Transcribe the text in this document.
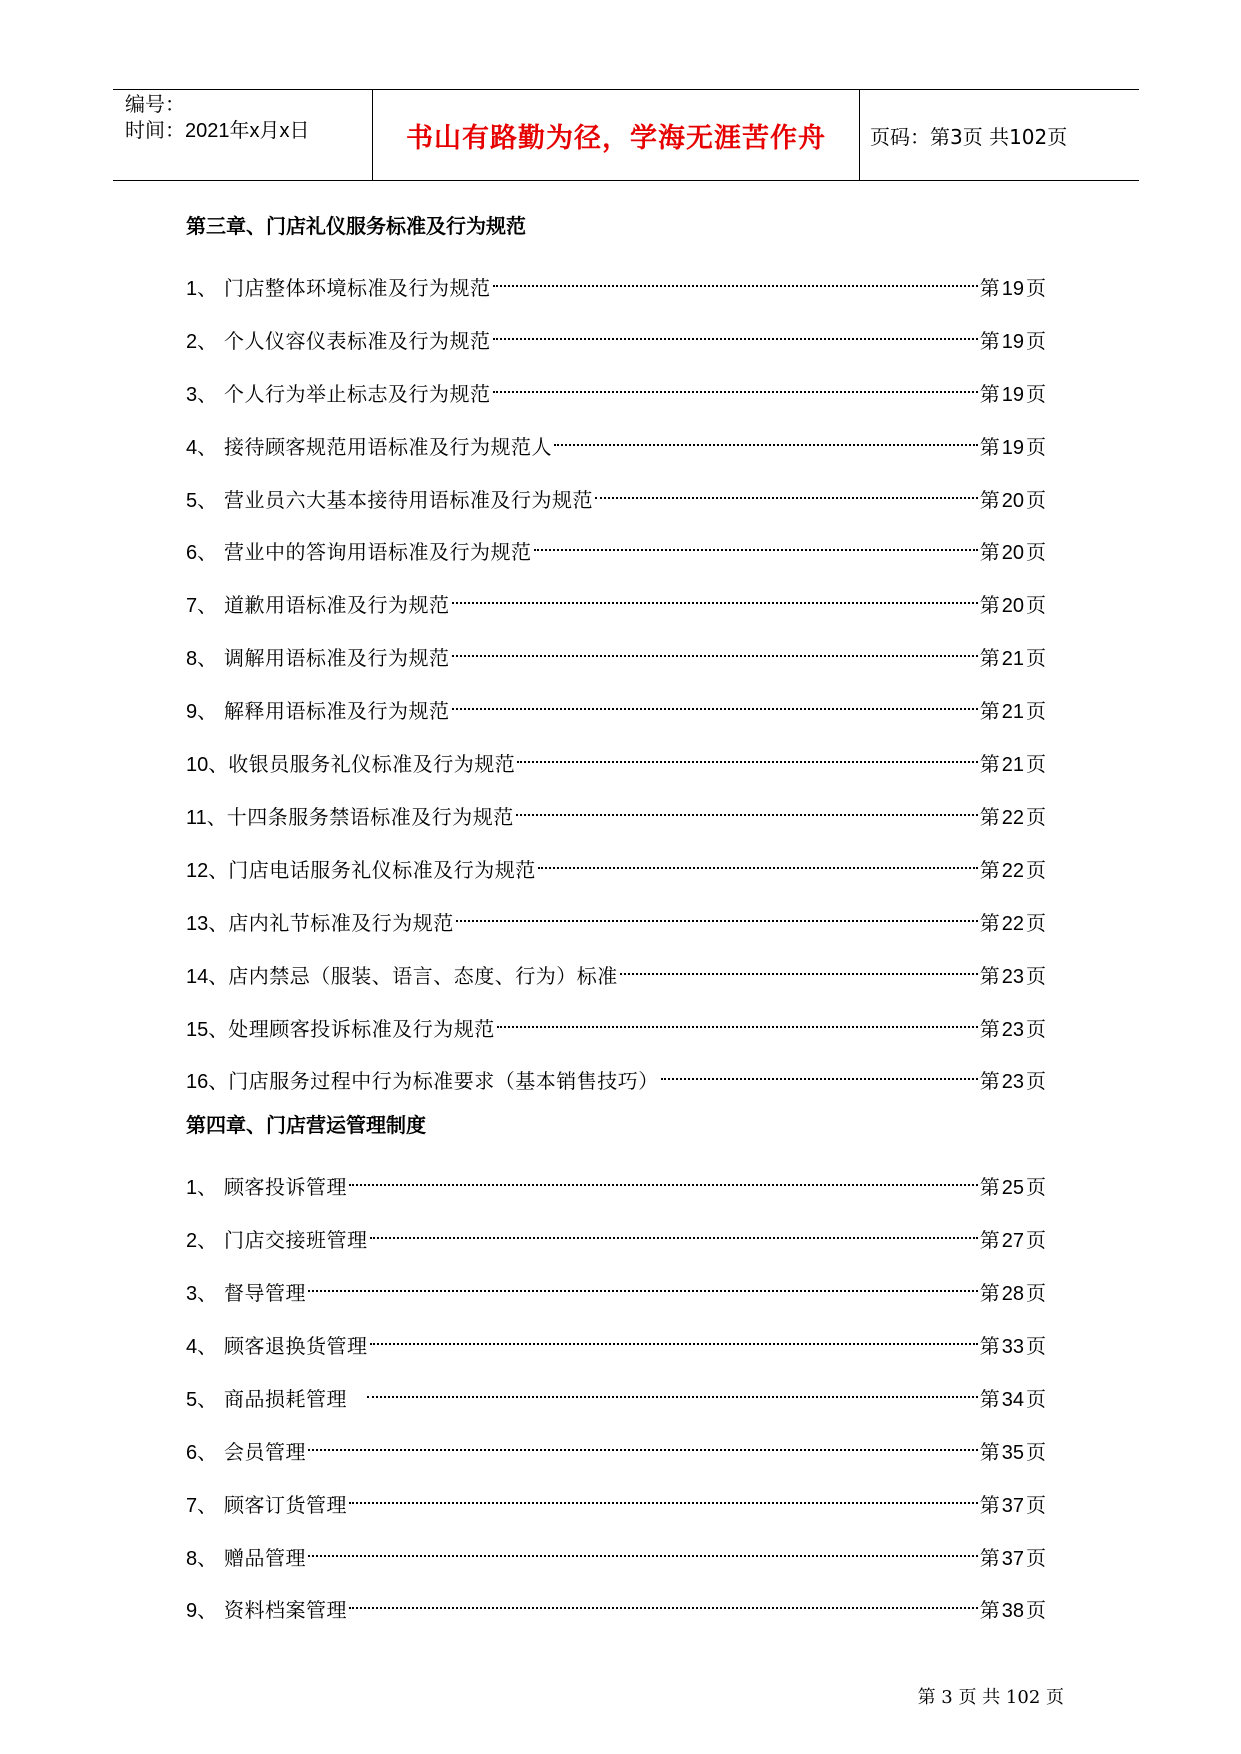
编号：
时间：2021年x月x日	书山有路勤为径，学海无涯苦作舟 页码：第3页 共102页
第三章、门店礼仪服务标准及行为规范
1、 门店整体环境标准及行为规范	第 19 页
2、 个人仪容仪表标准及行为规范	第 19 页
3、 个人行为举止标志及行为规范	第 19 页
4、 接待顾客规范用语标准及行为规范人	第 19 页
5、 营业员六大基本接待用语标准及行为规范	第 20 页
6、 营业中的答询用语标准及行为规范	第 20 页
7、 道歉用语标准及行为规范	第 20 页
8、 调解用语标准及行为规范	第 21 页
9、 解释用语标准及行为规范	第 21 页
10、 收银员服务礼仪标准及行为规范	第 21 页
11、 十四条服务禁语标准及行为规范	第 22 页
12、 门店电话服务礼仪标准及行为规范	第 22 页
13、 店内礼节标准及行为规范	第 22 页
14、 店内禁忌（服装、语言、态度、行为）标准	第 23 页
15、 处理顾客投诉标准及行为规范	第 23 页
16、 门店服务过程中行为标准要求（基本销售技巧）	第 23 页
第四章、门店营运管理制度
1、 顾客投诉管理	第 25 页
2、 门店交接班管理	第 27 页
3、 督导管理	第 28 页
4、 顾客退换货管理	第 33 页
5、 商品损耗管理	第 34 页
6、 会员管理	第 35 页
7、 顾客订货管理	第 37 页
8、 赠品管理	第 37 页
9、 资料档案管理	第 38 页
第 3 页 共 102 页
